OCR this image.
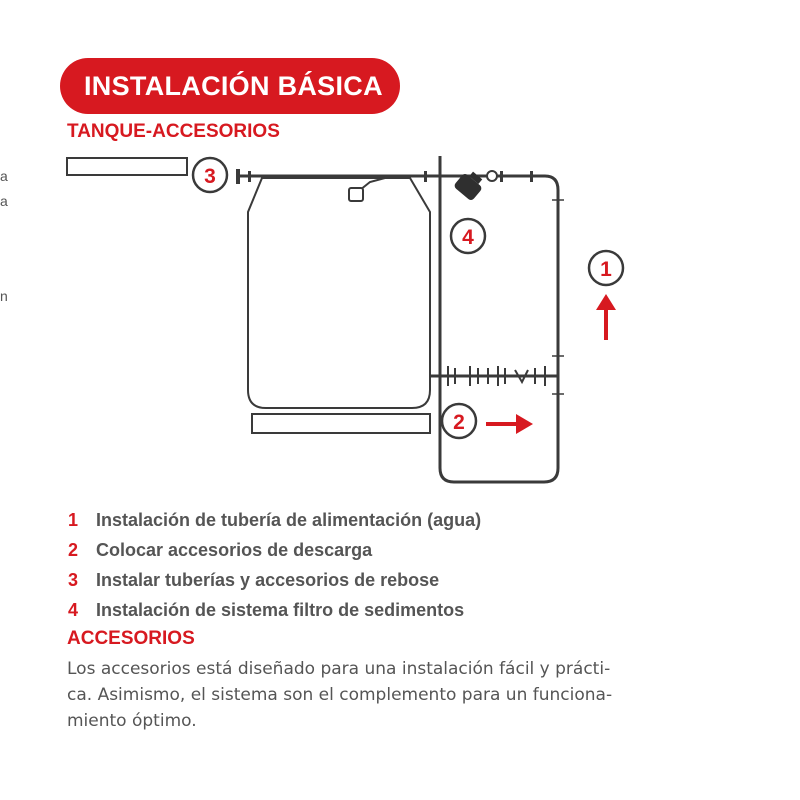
a
a
n
INSTALACIÓN BÁSICA
TANQUE-ACCESORIOS
3
4
1
2
1 Instalación de tubería de alimentación (agua)
2 Colocar accesorios de descarga
3 Instalar tuberías y accesorios de rebose
4 Instalación de sistema filtro de sedimentos
ACCESORIOS

Los accesorios está diseñado para una instalación fácil y prácti-
ca. Asimismo, el sistema son el complemento para un funciona-
miento óptimo.
